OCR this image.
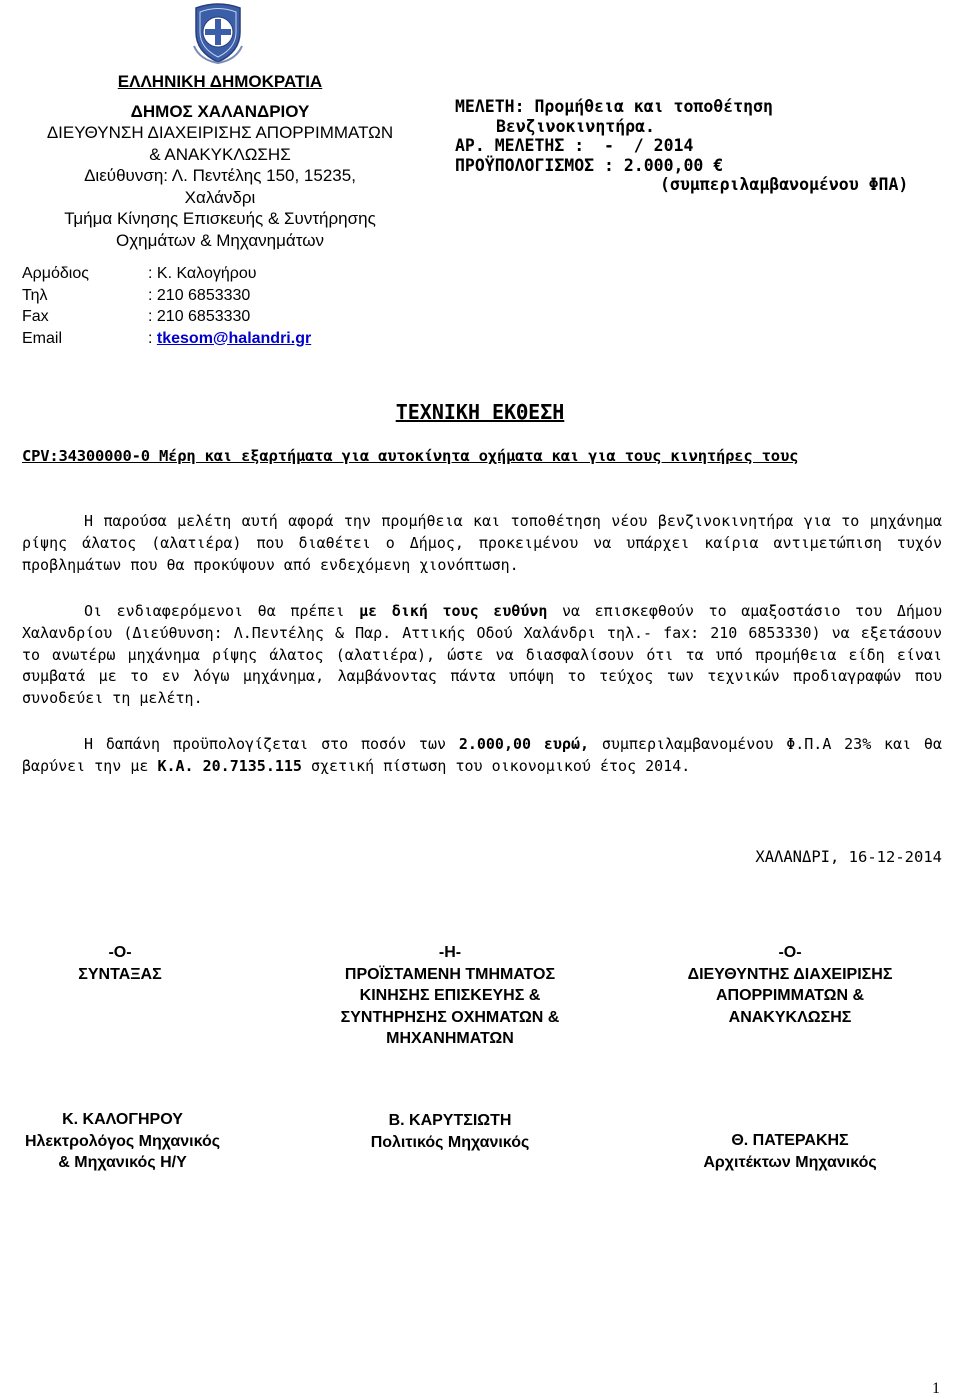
ΕΛΛΗΝΙΚΗ ΔΗΜΟΚΡΑΤΙΑ
ΔΗΜΟΣ ΧΑΛΑΝΔΡΙΟΥ
ΔΙΕΥΘΥΝΣΗ ΔΙΑΧΕΙΡΙΣΗΣ ΑΠΟΡΡΙΜΜΑΤΩΝ
& ΑΝΑΚΥΚΛΩΣΗΣ
Διεύθυνση: Λ. Πεντέλης 150, 15235,
Χαλάνδρι
Τμήμα Κίνησης Επισκευής & Συντήρησης
Οχημάτων & Μηχανημάτων
Αρμόδιος	: Κ. Καλογήρου
Τηλ	: 210 6853330
Fax	: 210 6853330
Email	: tkesom@halandri.gr
ΜΕΛΕΤΗ: Προμήθεια και τοποθέτηση
Βενζινοκινητήρα.
ΑΡ. ΜΕΛΕΤΗΣ :  -  / 2014
ΠΡΟΫΠΟΛΟΓΙΣΜΟΣ : 2.000,00 €
(συμπεριλαμβανομένου ΦΠΑ)
ΤΕΧΝΙΚΗ ΕΚΘΕΣΗ
CPV:34300000-0 Μέρη και εξαρτήματα για αυτοκίνητα οχήματα και για τους κινητήρες τους

Η παρούσα μελέτη αυτή αφορά την προμήθεια και τοποθέτηση νέου βενζινοκινητήρα για το μηχάνημα ρίψης άλατος (αλατιέρα) που διαθέτει ο Δήμος, προκειμένου να υπάρχει καίρια αντιμετώπιση τυχόν προβλημάτων που θα προκύψουν από ενδεχόμενη χιονόπτωση.

Οι ενδιαφερόμενοι θα πρέπει με δική τους ευθύνη να επισκεφθούν το αμαξοστάσιο του Δήμου Χαλανδρίου (Διεύθυνση: Λ.Πεντέλης & Παρ. Αττικής Οδού Χαλάνδρι τηλ.- fax: 210 6853330) να εξετάσουν το ανωτέρω μηχάνημα ρίψης άλατος (αλατιέρα), ώστε να διασφαλίσουν ότι τα υπό προμήθεια είδη είναι συμβατά με το εν λόγω μηχάνημα, λαμβάνοντας πάντα υπόψη το τεύχος των τεχνικών προδιαγραφών που συνοδεύει τη μελέτη.

Η δαπάνη προϋπολογίζεται στο ποσόν των 2.000,00 ευρώ, συμπεριλαμβανομένου Φ.Π.Α 23% και θα βαρύνει την με Κ.Α. 20.7135.115 σχετική πίστωση του οικονομικού έτος 2014.

ΧΑΛΑΝΔΡΙ, 16-12-2014
-Ο-
ΣΥΝΤΑΞΑΣ
Κ. ΚΑΛΟΓΗΡΟΥ
Ηλεκτρολόγος Μηχανικός
& Μηχανικός Η/Υ
-Η-
ΠΡΟΪΣΤΑΜΕΝΗ ΤΜΗΜΑΤΟΣ
ΚΙΝΗΣΗΣ ΕΠΙΣΚΕΥΗΣ &
ΣΥΝΤΗΡΗΣΗΣ ΟΧΗΜΑΤΩΝ &
ΜΗΧΑΝΗΜΑΤΩΝ
Β. ΚΑΡΥΤΣΙΩΤΗ
Πολιτικός Μηχανικός
-Ο-
ΔΙΕΥΘΥΝΤΗΣ ΔΙΑΧΕΙΡΙΣΗΣ
ΑΠΟΡΡΙΜΜΑΤΩΝ &
ΑΝΑΚΥΚΛΩΣΗΣ
Θ. ΠΑΤΕΡΑΚΗΣ
Αρχιτέκτων Μηχανικός
1
